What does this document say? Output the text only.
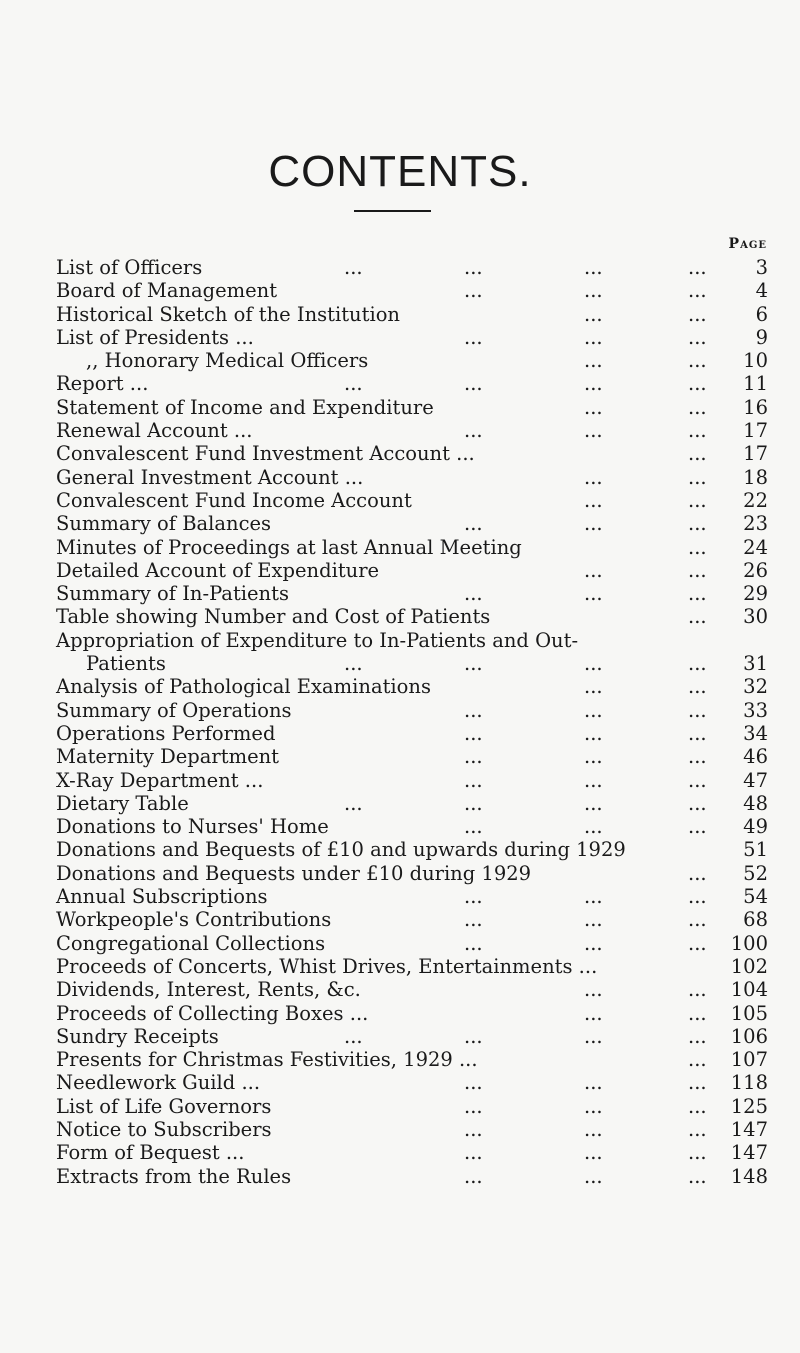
CONTENTS.
Page
List of Officers	...	...	...	...	3
Board of Management	...	...	...	4
Historical Sketch of the Institution	...	...	6
List of Presidents ...	...	...	...	9
,, Honorary Medical Officers	...	... 10
Report ...	...	...	...	... 11
Statement of Income and Expenditure	...	... 16
Renewal Account ...	...	...	... 17
Convalescent Fund Investment Account ...	... 17
General Investment Account ...	...	... 18
Convalescent Fund Income Account	...	... 22
Summary of Balances	...	...	... 23
Minutes of Proceedings at last Annual Meeting	... 24
Detailed Account of Expenditure	...	... 26
Summary of In-Patients	...	...	... 29
Table showing Number and Cost of Patients	... 30
Appropriation of Expenditure to In-Patients and Out-
Patients	...	...	...	... 31
Analysis of Pathological Examinations	...	... 32
Summary of Operations	...	...	... 33
Operations Performed	...	...	... 34
Maternity Department	...	...	... 46
X-Ray Department ...	...	...	... 47
Dietary Table	...	...	...	... 48
Donations to Nurses' Home	...	...	... 49
Donations and Bequests of £10 and upwards during 1929	51
Donations and Bequests under £10 during 1929	... 52
Annual Subscriptions	...	...	... 54
Workpeople's Contributions	...	...	... 68
Congregational Collections	...	...	... 100
Proceeds of Concerts, Whist Drives, Entertainments ...	102
Dividends, Interest, Rents, &c.	...	... 104
Proceeds of Collecting Boxes ...	...	... 105
Sundry Receipts	...	...	...	... 106
Presents for Christmas Festivities, 1929 ...	... 107
Needlework Guild ...	...	...	... 118
List of Life Governors	...	...	... 125
Notice to Subscribers	...	...	... 147
Form of Bequest ...	...	...	... 147
Extracts from the Rules	...	...	... 148
